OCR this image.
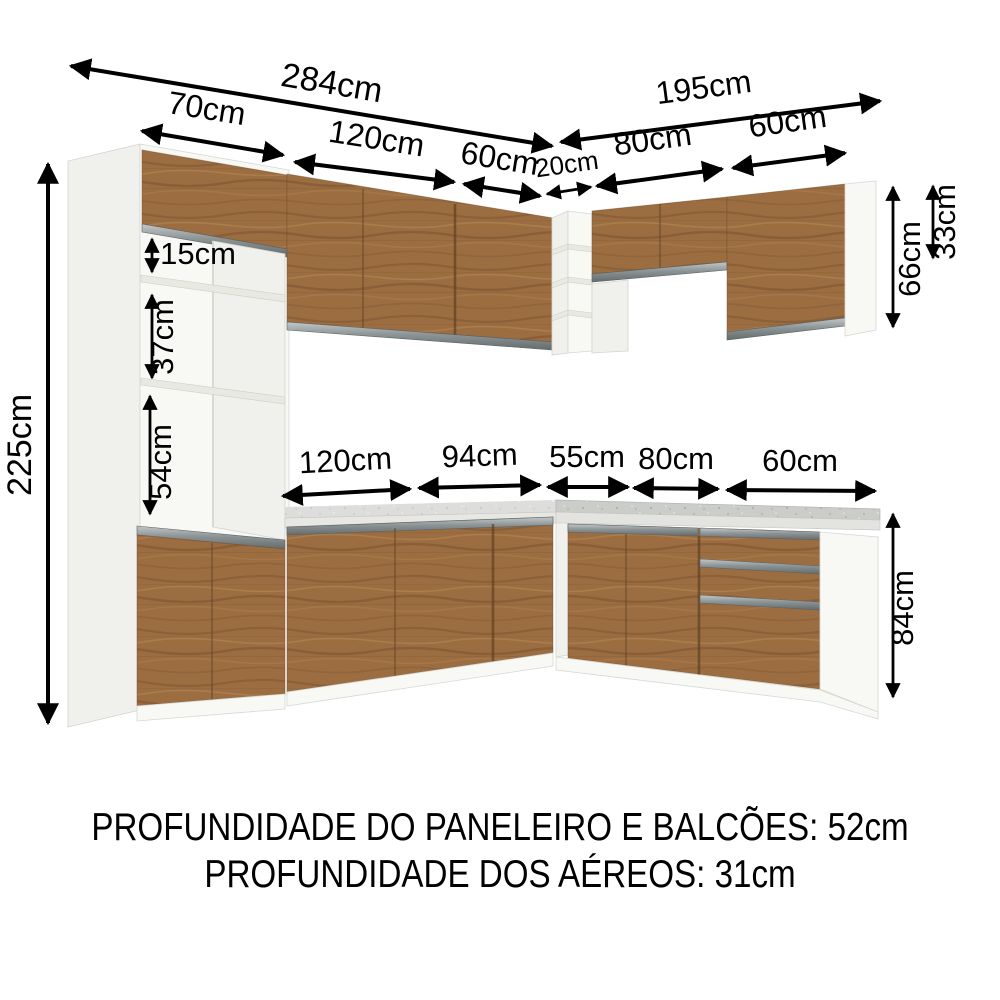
284cm
70cm
120cm 60cm
195cm
20cm
80cm 60cm
225cm
15cm
37cm
54cm
66cm 33cm
84cm
120cm 94cm 55cm 80cm 60cm
PROFUNDIDADE DO PANELEIRO E BALCÕES: 52cm
PROFUNDIDADE DOS AÉREOS: 31cm
